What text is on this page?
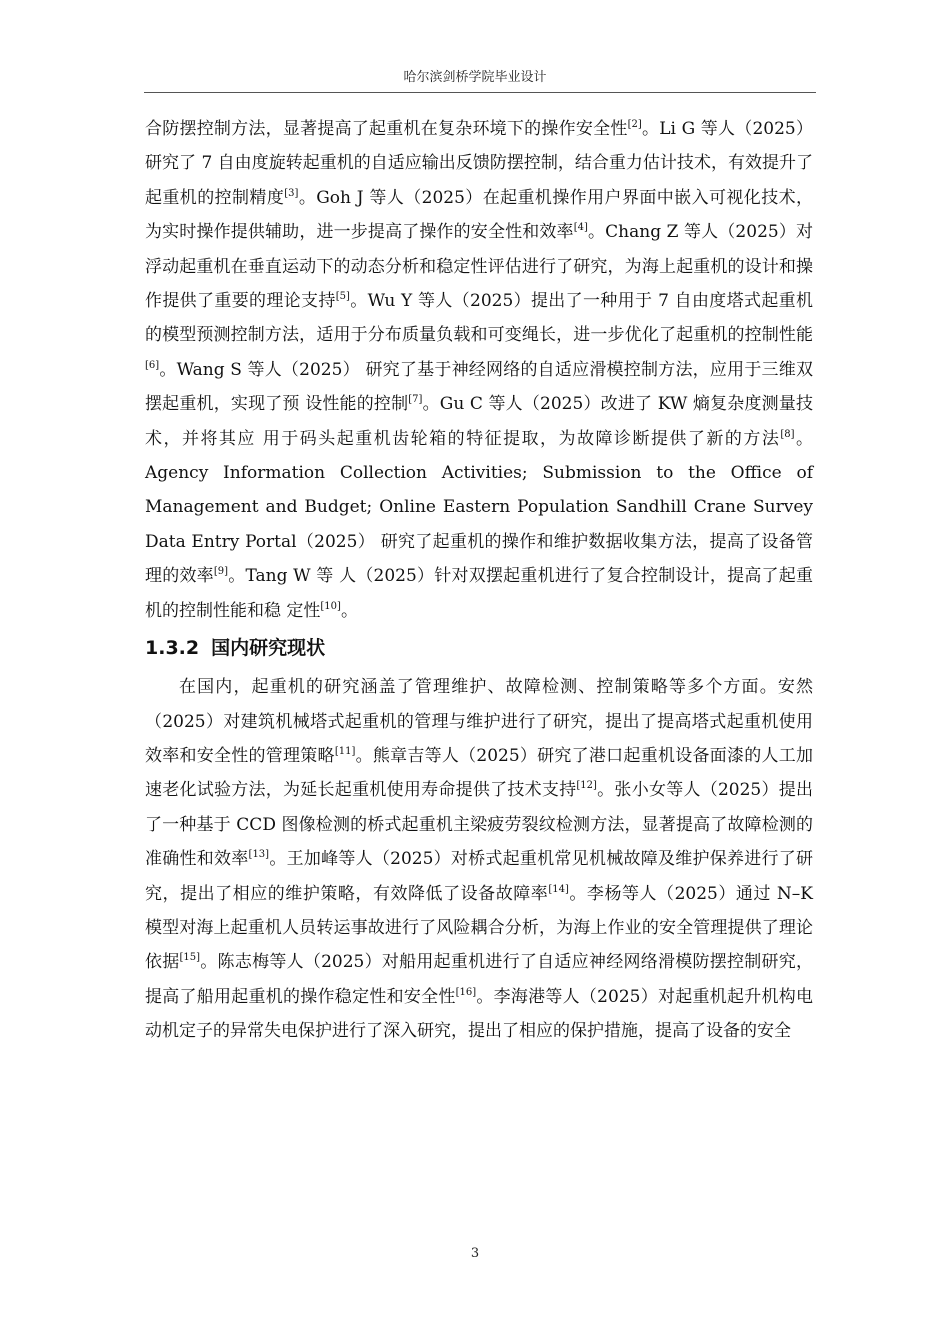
哈尔滨剑桥学院毕业设计

合防摆控制方法，显著提高了起重机在复杂环境下的操作安全性[2]。Li G 等人（2025）研究了 7 自由度旋转起重机的自适应输出反馈防摆控制，结合重力估计技术，有效提升了起重机的控制精度[3]。Goh J 等人（2025）在起重机操作用户界面中嵌入可视化技术，为实时操作提供辅助，进一步提高了操作的安全性和效率[4]。Chang Z 等人（2025）对浮动起重机在垂直运动下的动态分析和稳定性评估进行了研究，为海上起重机的设计和操作提供了重要的理论支持[5]。Wu Y 等人（2025）提出了一种用于 7 自由度塔式起重机的模型预测控制方法，适用于分布质量负载和可变绳长，进一步优化了起重机的控制性能[6]。Wang S 等人（2025） 研究了基于神经网络的自适应滑模控制方法，应用于三维双摆起重机，实现了预 设性能的控制[7]。Gu C 等人（2025）改进了 KW 熵复杂度测量技术，并将其应 用于码头起重机齿轮箱的特征提取，为故障诊断提供了新的方法[8]。Agency Information Collection Activities; Submission to the Office of Management and Budget; Online Eastern Population Sandhill Crane Survey Data Entry Portal（2025） 研究了起重机的操作和维护数据收集方法，提高了设备管理的效率[9]。Tang W 等 人（2025）针对双摆起重机进行了复合控制设计，提高了起重机的控制性能和稳 定性[10]。

1.3.2 国内研究现状

在国内，起重机的研究涵盖了管理维护、故障检测、控制策略等多个方面。安然（2025）对建筑机械塔式起重机的管理与维护进行了研究，提出了提高塔式起重机使用效率和安全性的管理策略[11]。熊章吉等人（2025）研究了港口起重机设备面漆的人工加速老化试验方法，为延长起重机使用寿命提供了技术支持[12]。张小女等人（2025）提出了一种基于 CCD 图像检测的桥式起重机主梁疲劳裂纹检测方法，显著提高了故障检测的准确性和效率[13]。王加峰等人（2025）对桥式起重机常见机械故障及维护保养进行了研究，提出了相应的维护策略，有效降低了设备故障率[14]。李杨等人（2025）通过 N–K 模型对海上起重机人员转运事故进行了风险耦合分析，为海上作业的安全管理提供了理论依据[15]。陈志梅等人（2025）对船用起重机进行了自适应神经网络滑模防摆控制研究，提高了船用起重机的操作稳定性和安全性[16]。李海港等人（2025）对起重机起升机构电动机定子的异常失电保护进行了深入研究，提出了相应的保护措施，提高了设备的安全

3
